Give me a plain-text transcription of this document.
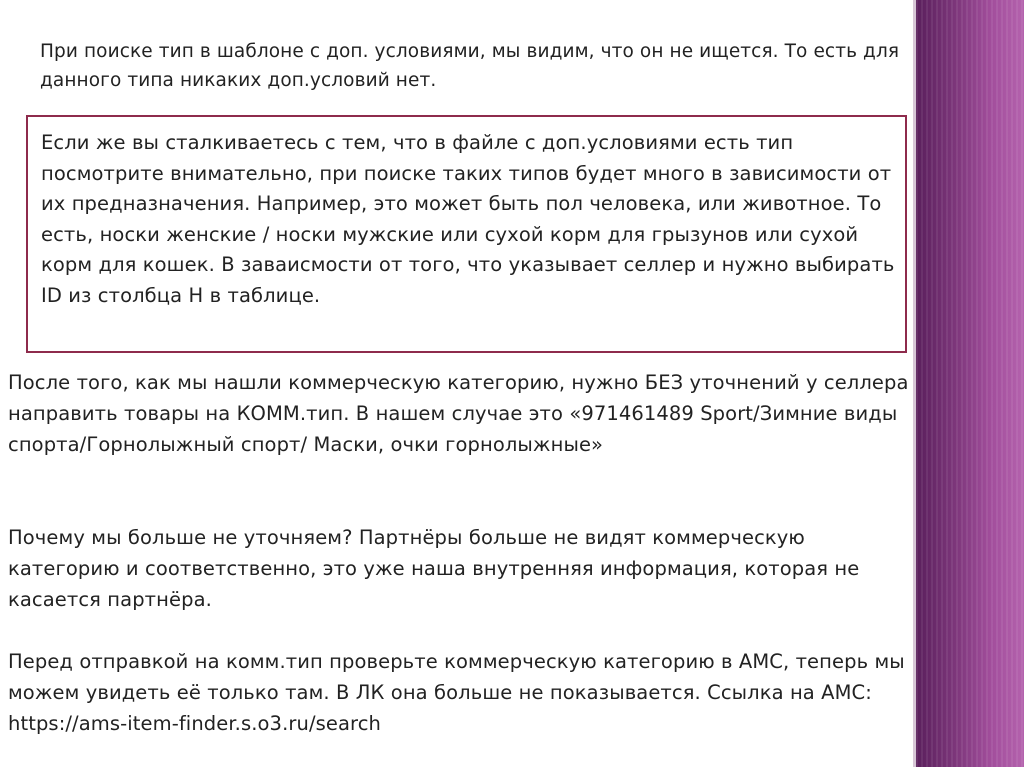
При поиске тип в шаблоне с доп. условиями, мы видим, что он не ищется. То есть для данного типа никаких доп.условий нет.

Если же вы сталкиваетесь с тем, что в файле с доп.условиями есть тип посмотрите внимательно, при поиске таких типов будет много в зависимости от их предназначения. Например, это может быть пол человека, или животное. То есть, носки женские / носки мужские или сухой корм для грызунов или сухой корм для кошек. В заваисмости от того, что указывает селлер и нужно выбирать ID из столбца H в таблице.

После того, как мы нашли коммерческую категорию, нужно БЕЗ уточнений у селлера направить товары на КОММ.тип. В нашем случае это «971461489 Sport/Зимние виды спорта/Горнолыжный спорт/ Маски, очки горнолыжные»

Почему мы больше не уточняем? Партнёры больше не видят коммерческую категорию и соответственно, это уже наша внутренняя информация, которая не касается партнёра.

Перед отправкой на комм.тип проверьте коммерческую категорию в АМС, теперь мы можем увидеть её только там. В ЛК она больше не показывается. Ссылка на АМС: https://ams-item-finder.s.o3.ru/search
